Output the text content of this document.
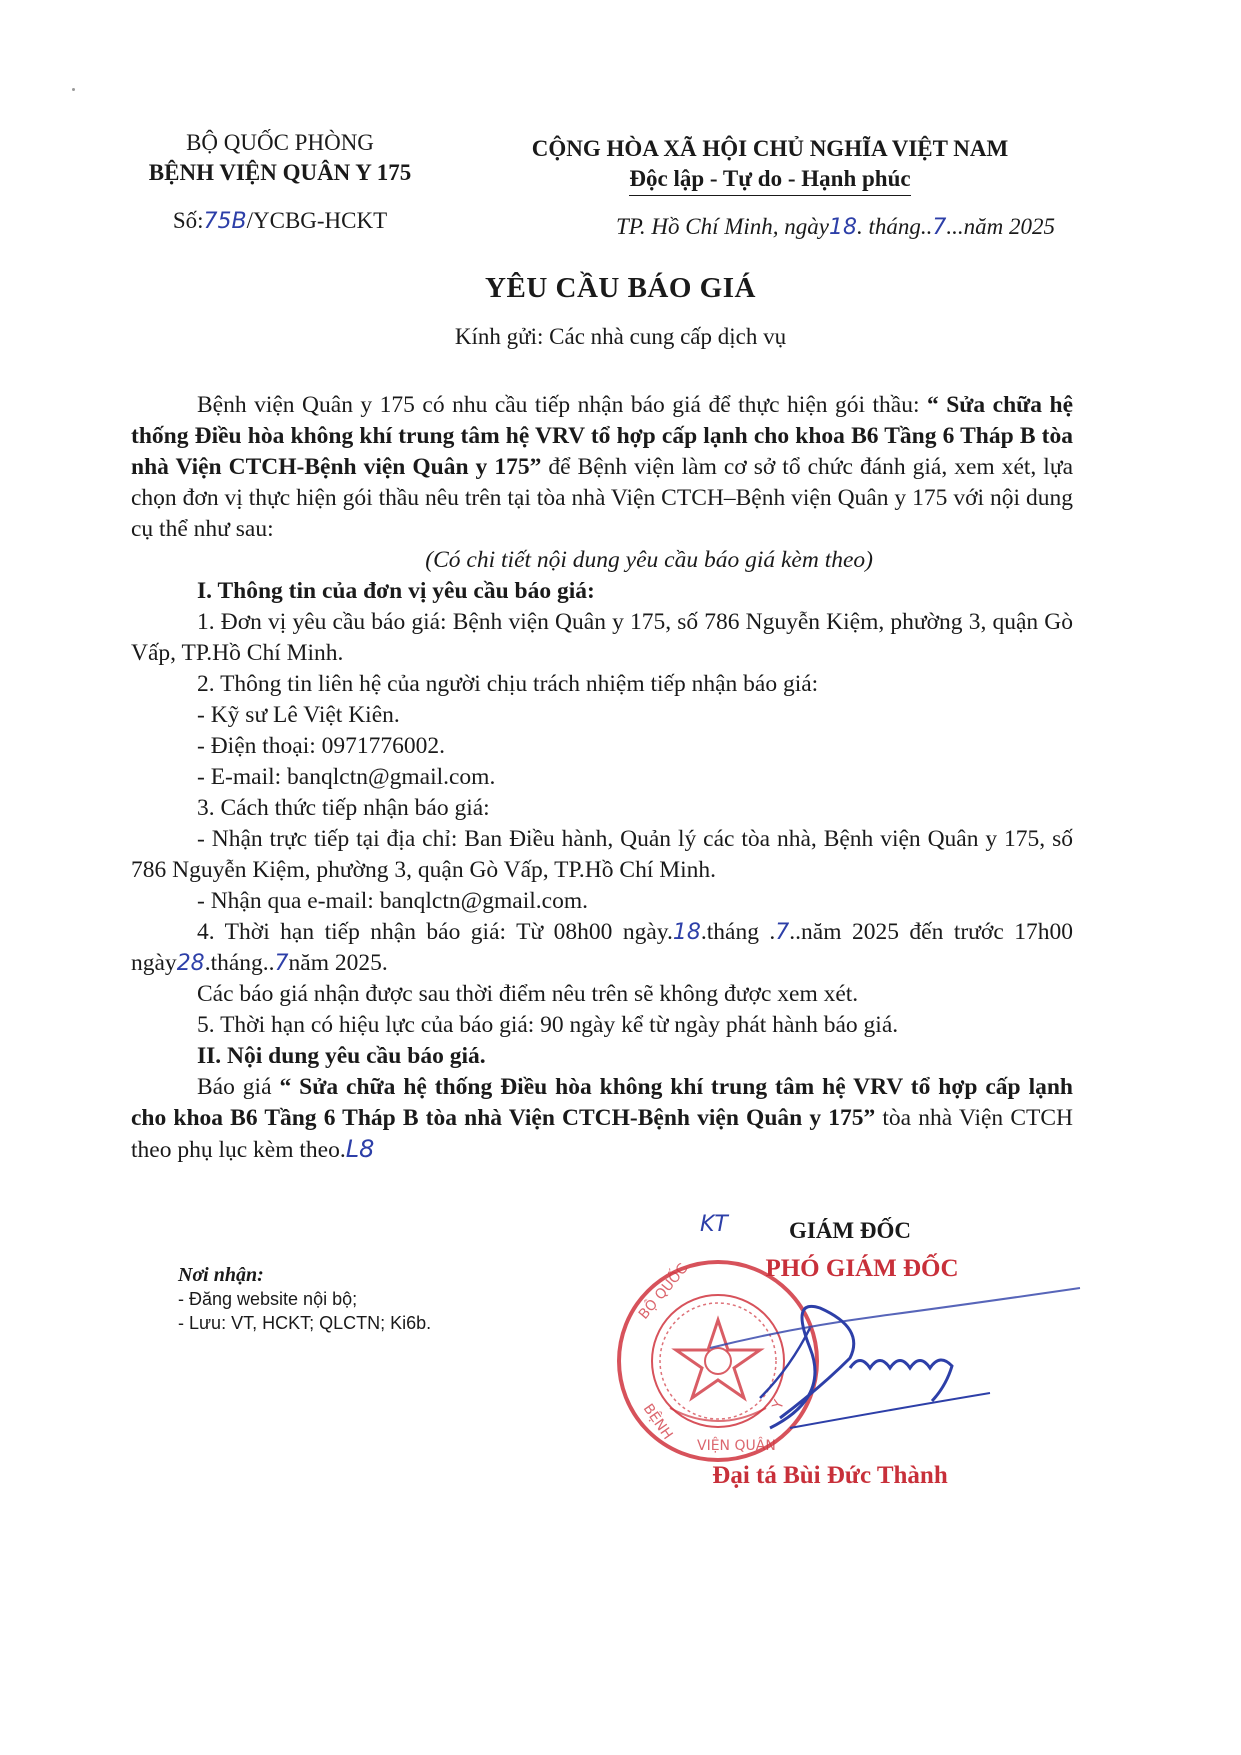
BỘ QUỐC PHÒNG
BỆNH VIỆN QUÂN Y 175
Số:75B/YCBG-HCKT
CỘNG HÒA XÃ HỘI CHỦ NGHĨA VIỆT NAM
Độc lập - Tự do - Hạnh phúc
TP. Hồ Chí Minh, ngày18. tháng..7...năm 2025
YÊU CẦU BÁO GIÁ
Kính gửi: Các nhà cung cấp dịch vụ

Bệnh viện Quân y 175 có nhu cầu tiếp nhận báo giá để thực hiện gói thầu: “ Sửa chữa hệ thống Điều hòa không khí trung tâm hệ VRV tổ hợp cấp lạnh cho khoa B6 Tầng 6 Tháp B tòa nhà Viện CTCH-Bệnh viện Quân y 175” để Bệnh viện làm cơ sở tổ chức đánh giá, xem xét, lựa chọn đơn vị thực hiện gói thầu nêu trên tại tòa nhà Viện CTCH–Bệnh viện Quân y 175 với nội dung cụ thể như sau:

(Có chi tiết nội dung yêu cầu báo giá kèm theo)

I. Thông tin của đơn vị yêu cầu báo giá:

1. Đơn vị yêu cầu báo giá: Bệnh viện Quân y 175, số 786 Nguyễn Kiệm, phường 3, quận Gò Vấp, TP.Hồ Chí Minh.

2. Thông tin liên hệ của người chịu trách nhiệm tiếp nhận báo giá:

- Kỹ sư Lê Việt Kiên.

- Điện thoại: 0971776002.

- E-mail: banqlctn@gmail.com.

3. Cách thức tiếp nhận báo giá:

- Nhận trực tiếp tại địa chỉ: Ban Điều hành, Quản lý các tòa nhà, Bệnh viện Quân y 175, số 786 Nguyễn Kiệm, phường 3, quận Gò Vấp, TP.Hồ Chí Minh.

- Nhận qua e-mail: banqlctn@gmail.com.

4. Thời hạn tiếp nhận báo giá: Từ 08h00 ngày.18.tháng .7..năm 2025 đến trước 17h00 ngày28.tháng..7năm 2025.

Các báo giá nhận được sau thời điểm nêu trên sẽ không được xem xét.

5. Thời hạn có hiệu lực của báo giá: 90 ngày kể từ ngày phát hành báo giá.

II. Nội dung yêu cầu báo giá.

Báo giá “ Sửa chữa hệ thống Điều hòa không khí trung tâm hệ VRV tổ hợp cấp lạnh cho khoa B6 Tầng 6 Tháp B tòa nhà Viện CTCH-Bệnh viện Quân y 175” tòa nhà Viện CTCH theo phụ lục kèm theo.L8

Nơi nhận:
- Đăng website nội bộ;
- Lưu: VT, HCKT; QLCTN; Ki6b.
BỘ QUỐC
BỆNH
VIỆN QUÂN
Y
KT	GIÁM ĐỐC
PHÓ GIÁM ĐỐC
Đại tá Bùi Đức Thành
